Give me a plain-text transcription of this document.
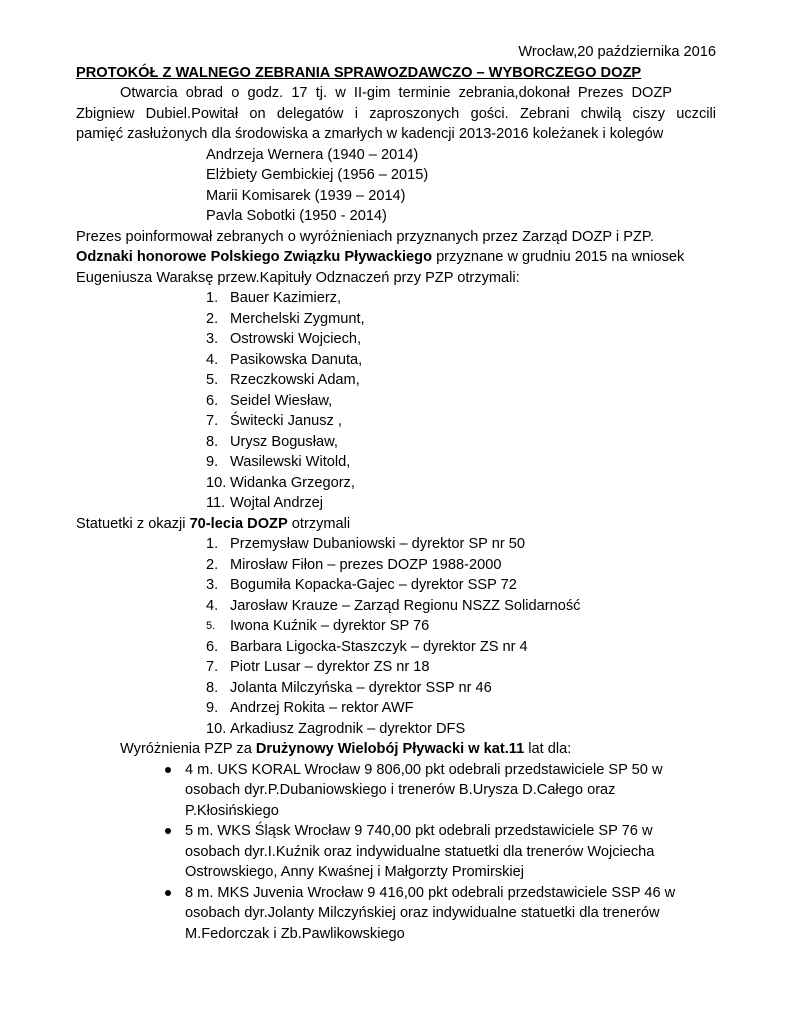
Wrocław,20 października 2016
PROTOKÓŁ Z WALNEGO ZEBRANIA SPRAWOZDAWCZO – WYBORCZEGO DOZP
Otwarcia obrad o godz. 17 tj. w II-gim terminie zebrania,dokonał Prezes DOZP
Zbigniew Dubiel.Powitał on delegatów i zaproszonych gości. Zebrani chwilą ciszy uczcili
pamięć zasłużonych dla środowiska a zmarłych w kadencji 2013-2016 koleżanek i kolegów
Andrzeja Wernera (1940 – 2014)
Elżbiety Gembickiej (1956 – 2015)
Marii Komisarek (1939 – 2014)
Pavla Sobotki (1950 - 2014)
Prezes poinformował zebranych o wyróżnieniach przyznanych przez Zarząd DOZP i PZP.
Odznaki honorowe Polskiego Związku Pływackiego przyznane w grudniu 2015 na wniosek
Eugeniusza Waraksę przew.Kapituły Odznaczeń przy PZP otrzymali:
1. Bauer Kazimierz,
2. Merchelski Zygmunt,
3. Ostrowski Wojciech,
4. Pasikowska Danuta,
5. Rzeczkowski Adam,
6. Seidel Wiesław,
7. Świtecki Janusz ,
8. Urysz Bogusław,
9. Wasilewski Witold,
10. Widanka Grzegorz,
11. Wojtal Andrzej
Statuetki z okazji 70-lecia DOZP otrzymali
1. Przemysław Dubaniowski – dyrektor SP nr 50
2. Mirosław Fiłon – prezes DOZP 1988-2000
3. Bogumiła Kopacka-Gajec – dyrektor SSP 72
4. Jarosław Krauze – Zarząd Regionu NSZZ Solidarność
5.	Iwona Kuźnik – dyrektor SP 76
6. Barbara Ligocka-Staszczyk – dyrektor ZS nr 4
7. Piotr Lusar – dyrektor ZS nr 18
8. Jolanta Milczyńska – dyrektor SSP nr 46
9. Andrzej Rokita – rektor AWF
10. Arkadiusz Zagrodnik – dyrektor DFS
Wyróżnienia PZP za Drużynowy Wielobój Pływacki w kat.11 lat dla:
4 m. UKS KORAL Wrocław 9 806,00 pkt odebrali przedstawiciele SP 50 w
osobach dyr.P.Dubaniowskiego i trenerów B.Urysza D.Całego oraz
P.Kłosińskiego
5 m. WKS Śląsk Wrocław 9 740,00 pkt odebrali przedstawiciele SP 76 w
osobach dyr.I.Kuźnik oraz indywidualne statuetki dla trenerów Wojciecha
Ostrowskiego, Anny Kwaśnej i Małgorzty Promirskiej
8 m. MKS Juvenia Wrocław 9 416,00 pkt odebrali przedstawiciele SSP 46 w
osobach dyr.Jolanty Milczyńskiej oraz indywidualne statuetki dla trenerów
M.Fedorczak i Zb.Pawlikowskiego
